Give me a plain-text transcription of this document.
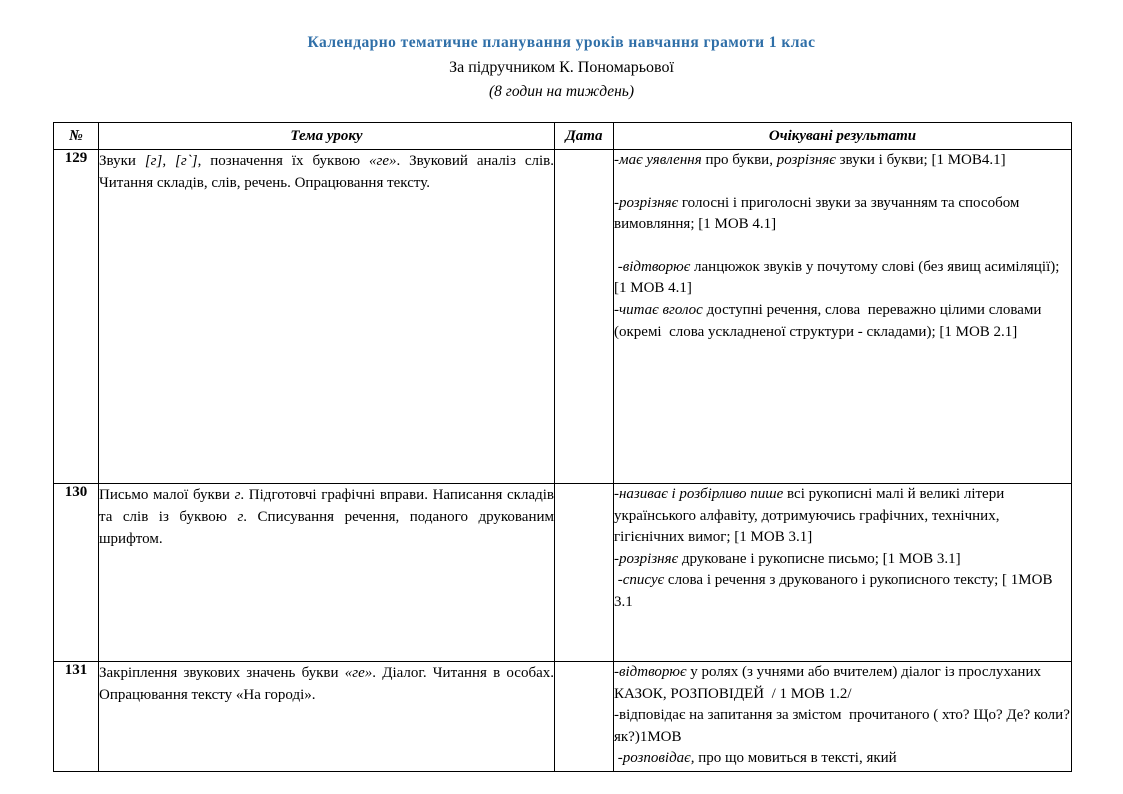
Календарно тематичне планування уроків навчання грамоти 1 клас
За підручником К. Пономарьової
(8 годин на тиждень)
№	Тема уроку	Дата	Очікувані результати
129	Звуки [г], [г`], позначення їх буквою «ге». Звуковий аналіз слів. Читання складів, слів, речень. Опрацювання тексту.		-має уявлення про букви, розрізняє звуки і букви; [1 МОВ4.1]
-розрізняє голосні і приголосні звуки за звучанням та способом вимовляння; [1 МОВ 4.1]
-відтворює ланцюжок звуків у почутому слові (без явищ асиміляції); [1 МОВ 4.1]
-читає вголос доступні речення, слова  переважно цілими словами (окремі  слова ускладненої структури - складами); [1 МОВ 2.1]

130	Письмо малої букви г. Підготовчі графічні вправи. Написання складів та слів із буквою г. Списування речення, поданого друкованим шрифтом.		-називає і розбірливо пише всі рукописні малі й великі літери українського алфавіту, дотримуючись графічних, технічних, гігієнічних вимог; [1 МОВ 3.1]
-розрізняє друковане і рукописне письмо; [1 МОВ 3.1]
-списує слова і речення з друкованого і рукописного тексту; [ 1МОВ 3.1

131	Закріплення звукових значень букви «ге». Діалог. Читання в особах. Опрацювання тексту «На городі».		-відтворює у ролях (з учнями або вчителем) діалог із прослуханих КАЗОК, РОЗПОВІДЕЙ  / 1 МОВ 1.2/
-відповідає на запитання за змістом  прочитаного ( хто? Що? Де? коли? як?)1МОВ
-розповідає, про що мовиться в тексті, який
